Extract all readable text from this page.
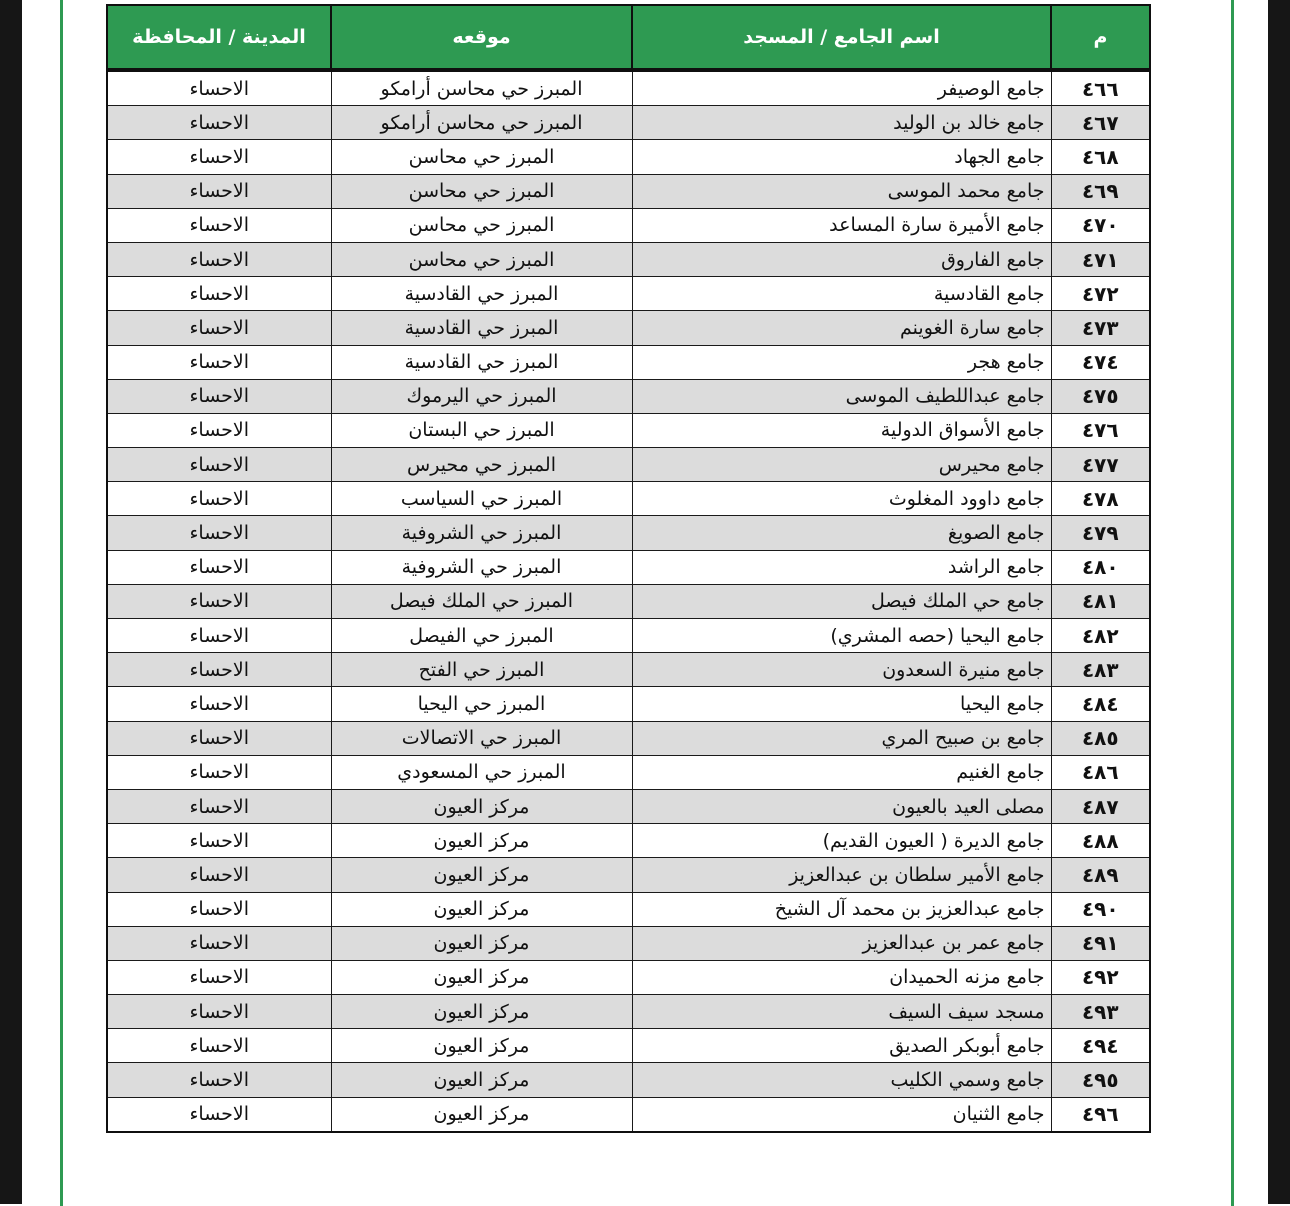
م	اسم الجامع / المسجد	موقعه	المدينة / المحافظة
٤٦٦	جامع الوصيفر	المبرز حي محاسن أرامكو	الاحساء
٤٦٧	جامع خالد بن الوليد	المبرز حي محاسن أرامكو	الاحساء
٤٦٨	جامع الجهاد	المبرز حي محاسن	الاحساء
٤٦٩	جامع محمد الموسى	المبرز حي محاسن	الاحساء
٤٧٠	جامع الأميرة سارة المساعد	المبرز حي محاسن	الاحساء
٤٧١	جامع الفاروق	المبرز حي محاسن	الاحساء
٤٧٢	جامع القادسية	المبرز حي القادسية	الاحساء
٤٧٣	جامع سارة الغوينم	المبرز حي القادسية	الاحساء
٤٧٤	جامع هجر	المبرز حي القادسية	الاحساء
٤٧٥	جامع عبداللطيف الموسى	المبرز حي اليرموك	الاحساء
٤٧٦	جامع الأسواق الدولية	المبرز حي البستان	الاحساء
٤٧٧	جامع محيرس	المبرز حي محيرس	الاحساء
٤٧٨	جامع داوود المغلوث	المبرز حي السياسب	الاحساء
٤٧٩	جامع الصويغ	المبرز حي الشروفية	الاحساء
٤٨٠	جامع الراشد	المبرز حي الشروفية	الاحساء
٤٨١	جامع حي الملك فيصل	المبرز حي الملك فيصل	الاحساء
٤٨٢	جامع اليحيا (حصه المشري)	المبرز حي الفيصل	الاحساء
٤٨٣	جامع منيرة السعدون	المبرز حي الفتح	الاحساء
٤٨٤	جامع اليحيا	المبرز حي اليحيا	الاحساء
٤٨٥	جامع بن صبيح المري	المبرز حي الاتصالات	الاحساء
٤٨٦	جامع الغنيم	المبرز حي المسعودي	الاحساء
٤٨٧	مصلى العيد بالعيون	مركز العيون	الاحساء
٤٨٨	جامع الديرة ( العيون القديم)	مركز العيون	الاحساء
٤٨٩	جامع الأمير سلطان بن عبدالعزيز	مركز العيون	الاحساء
٤٩٠	جامع عبدالعزيز بن محمد آل الشيخ	مركز العيون	الاحساء
٤٩١	جامع عمر بن عبدالعزيز	مركز العيون	الاحساء
٤٩٢	جامع مزنه الحميدان	مركز العيون	الاحساء
٤٩٣	مسجد سيف السيف	مركز العيون	الاحساء
٤٩٤	جامع أبوبكر الصديق	مركز العيون	الاحساء
٤٩٥	جامع وسمي الكليب	مركز العيون	الاحساء
٤٩٦	جامع الثنيان	مركز العيون	الاحساء
